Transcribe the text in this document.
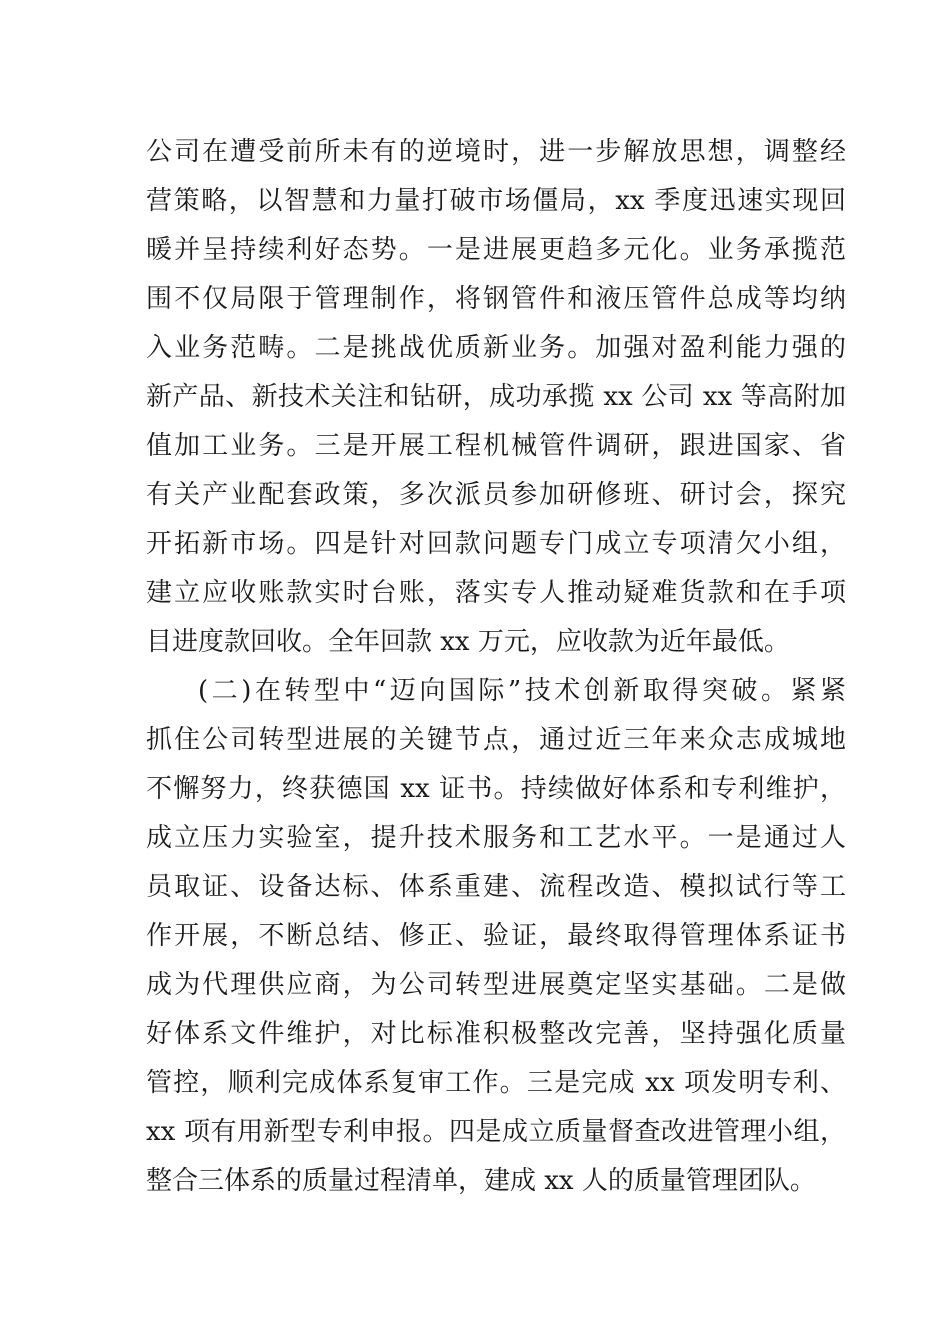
公司在遭受前所未有的逆境时，进一步解放思想，调整经
营策略，以智慧和力量打破市场僵局，xx 季度迅速实现回
暖并呈持续利好态势。一是进展更趋多元化。业务承揽范
围不仅局限于管理制作，将钢管件和液压管件总成等均纳
入业务范畴。二是挑战优质新业务。加强对盈利能力强的
新产品、新技术关注和钻研，成功承揽 xx 公司 xx 等高附加
值加工业务。三是开展工程机械管件调研，跟进国家、省
有关产业配套政策，多次派员参加研修班、研讨会，探究
开拓新市场。四是针对回款问题专门成立专项清欠小组，
建立应收账款实时台账，落实专人推动疑难货款和在手项
目进度款回收。全年回款 xx 万元，应收款为近年最低。
(二)在转型中“迈向国际”技术创新取得突破。紧紧
抓住公司转型进展的关键节点，通过近三年来众志成城地
不懈努力，终获德国 xx 证书。持续做好体系和专利维护，
成立压力实验室，提升技术服务和工艺水平。一是通过人
员取证、设备达标、体系重建、流程改造、模拟试行等工
作开展，不断总结、修正、验证，最终取得管理体系证书
成为代理供应商，为公司转型进展奠定坚实基础。二是做
好体系文件维护，对比标准积极整改完善，坚持强化质量
管控，顺利完成体系复审工作。三是完成 xx 项发明专利、
xx 项有用新型专利申报。四是成立质量督查改进管理小组，
整合三体系的质量过程清单，建成 xx 人的质量管理团队。
